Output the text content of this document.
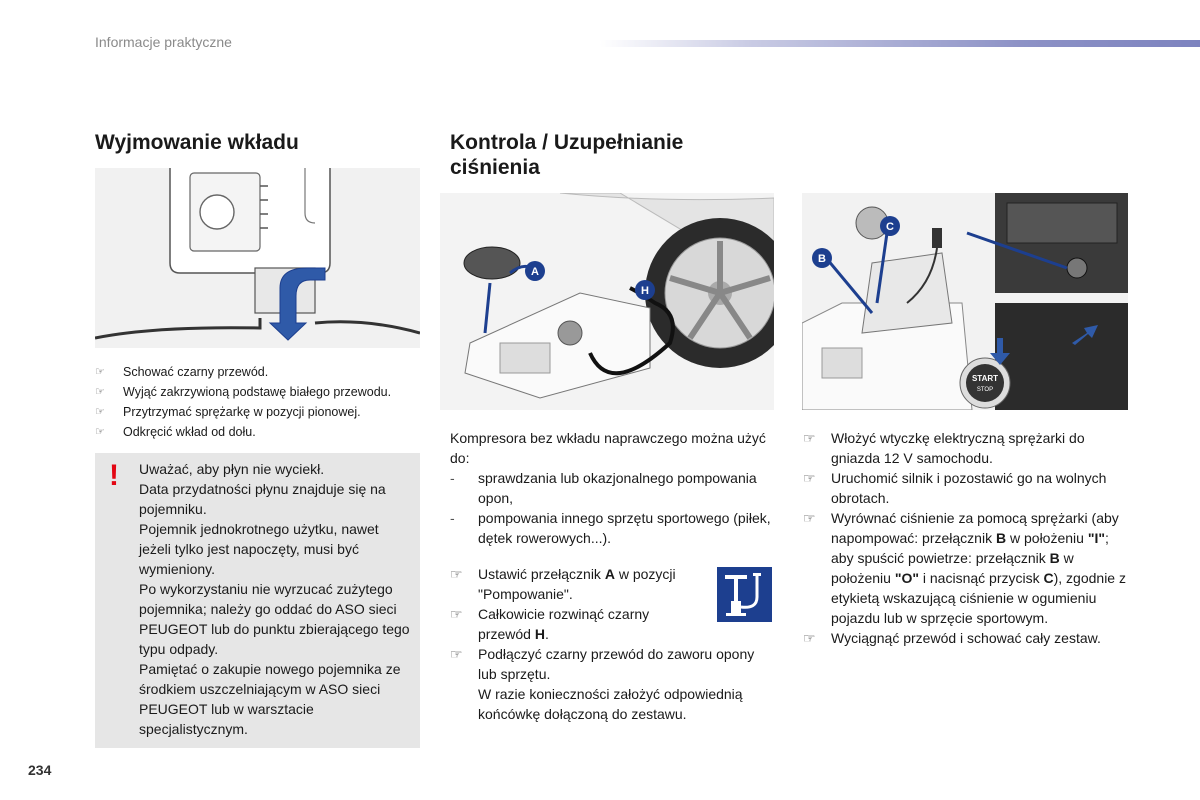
Informacje praktyczne
Wyjmowanie wkładu	Kontrola / Uzupełnianie ciśnienia
☞	Schować czarny przewód.
☞	Wyjąć zakrzywioną podstawę białego przewodu.
☞	Przytrzymać sprężarkę w pozycji pionowej.
☞	Odkręcić wkład od dołu.
! Uważać, aby płyn nie wyciekł.

Data przydatności płynu znajduje się na pojemniku.

Pojemnik jednokrotnego użytku, nawet jeżeli tylko jest napoczęty, musi być wymieniony.

Po wykorzystaniu nie wyrzucać zużytego pojemnika; należy go oddać do ASO sieci PEUGEOT lub do punktu zbierającego tego typu odpady.

Pamiętać o zakupie nowego pojemnika ze środkiem uszczelniającym w ASO sieci PEUGEOT lub w warsztacie specjalistycznym.

A
H
START
STOP
B
C
Kompresora bez wkładu naprawczego można użyć do:
-	sprawdzania lub okazjonalnego pompowania opon,
-	pompowania innego sprzętu sportowego (piłek, dętek rowerowych...).
☞	Ustawić przełącznik A w pozycji "Pompowanie".
☞	Całkowicie rozwinąć czarny przewód H.
☞	Podłączyć czarny przewód do zaworu opony lub sprzętu.
W razie konieczności założyć odpowiednią końcówkę dołączoną do zestawu.
☞	Włożyć wtyczkę elektryczną sprężarki do gniazda 12 V samochodu.
☞	Uruchomić silnik i pozostawić go na wolnych obrotach.
☞	Wyrównać ciśnienie za pomocą sprężarki (aby napompować: przełącznik B w położeniu "I"; aby spuścić powietrze: przełącznik B w położeniu "O" i nacisnąć przycisk C), zgodnie z etykietą wskazującą ciśnienie w ogumieniu pojazdu lub w sprzęcie sportowym.
☞	Wyciągnąć przewód i schować cały zestaw.
234
